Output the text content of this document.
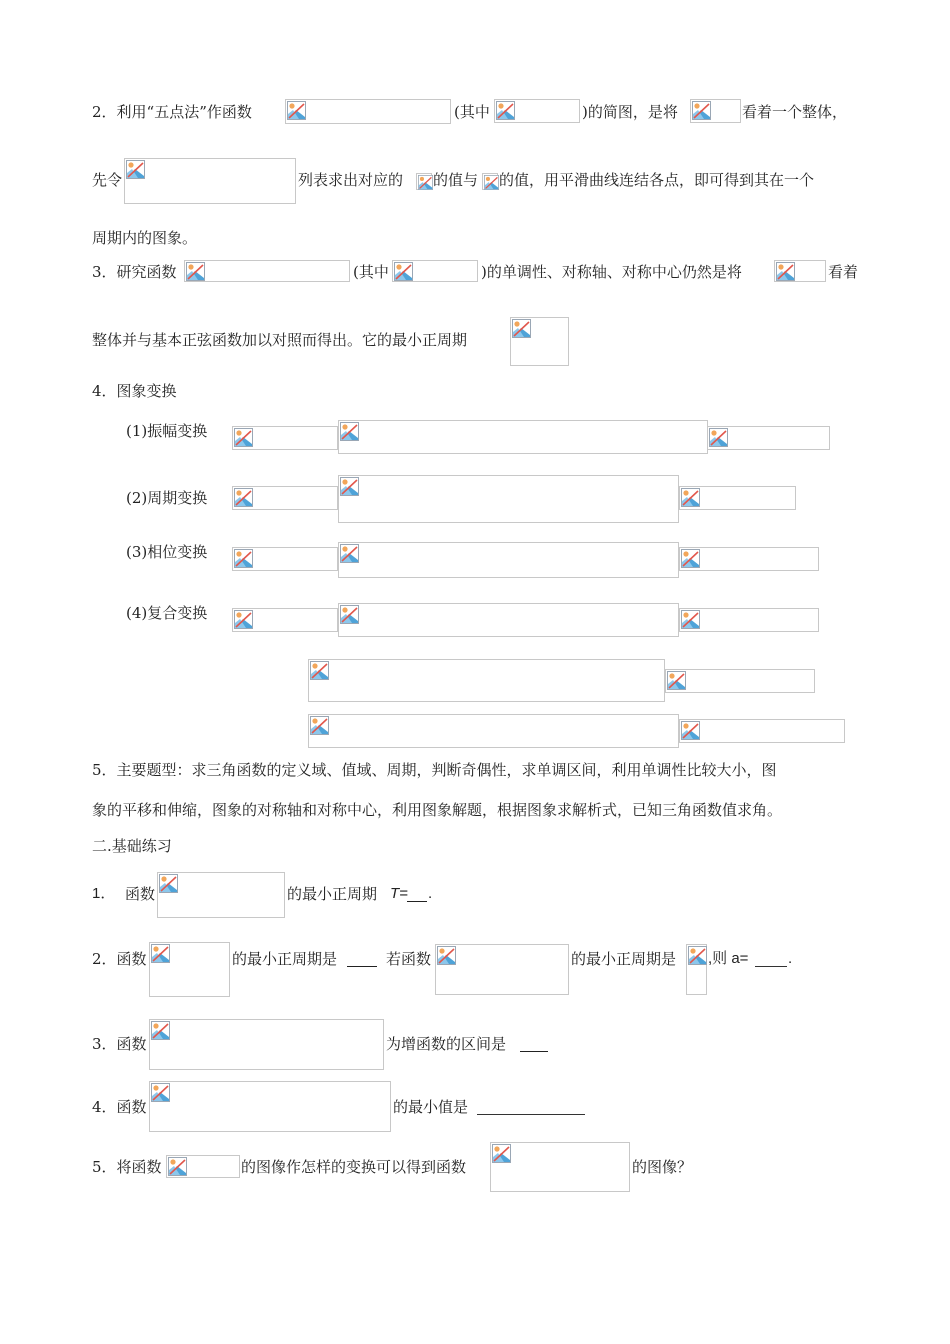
2．利用“五点法”作函数	(其中	)的简图，是将	看着一个整体，
先令	列表求出对应的 的值与 的值，用平滑曲线连结各点，即可得到其在一个
周期内的图象。
3．研究函数	(其中	)的单调性、对称轴、对称中心仍然是将	看着
整体并与基本正弦函数加以对照而得出。它的最小正周期
4．图象变换
(1)振幅变换
(2)周期变换
(3)相位变换
(4)复合变换
5．主要题型：求三角函数的定义域、值域、周期，判断奇偶性，求单调区间，利用单调性比较大小，图
象的平移和伸缩，图象的对称轴和对称中心，利用图象解题，根据图象求解析式，已知三角函数值求角。
二.基础练习
1． 函数	的最小正周期 T= .
2．函数	的最小正周期是	若函数	的最小正周期是 ,则 a=	.
3．函数	为增函数的区间是
4．函数	的最小值是
5．将函数	的图像作怎样的变换可以得到函数	的图像？
